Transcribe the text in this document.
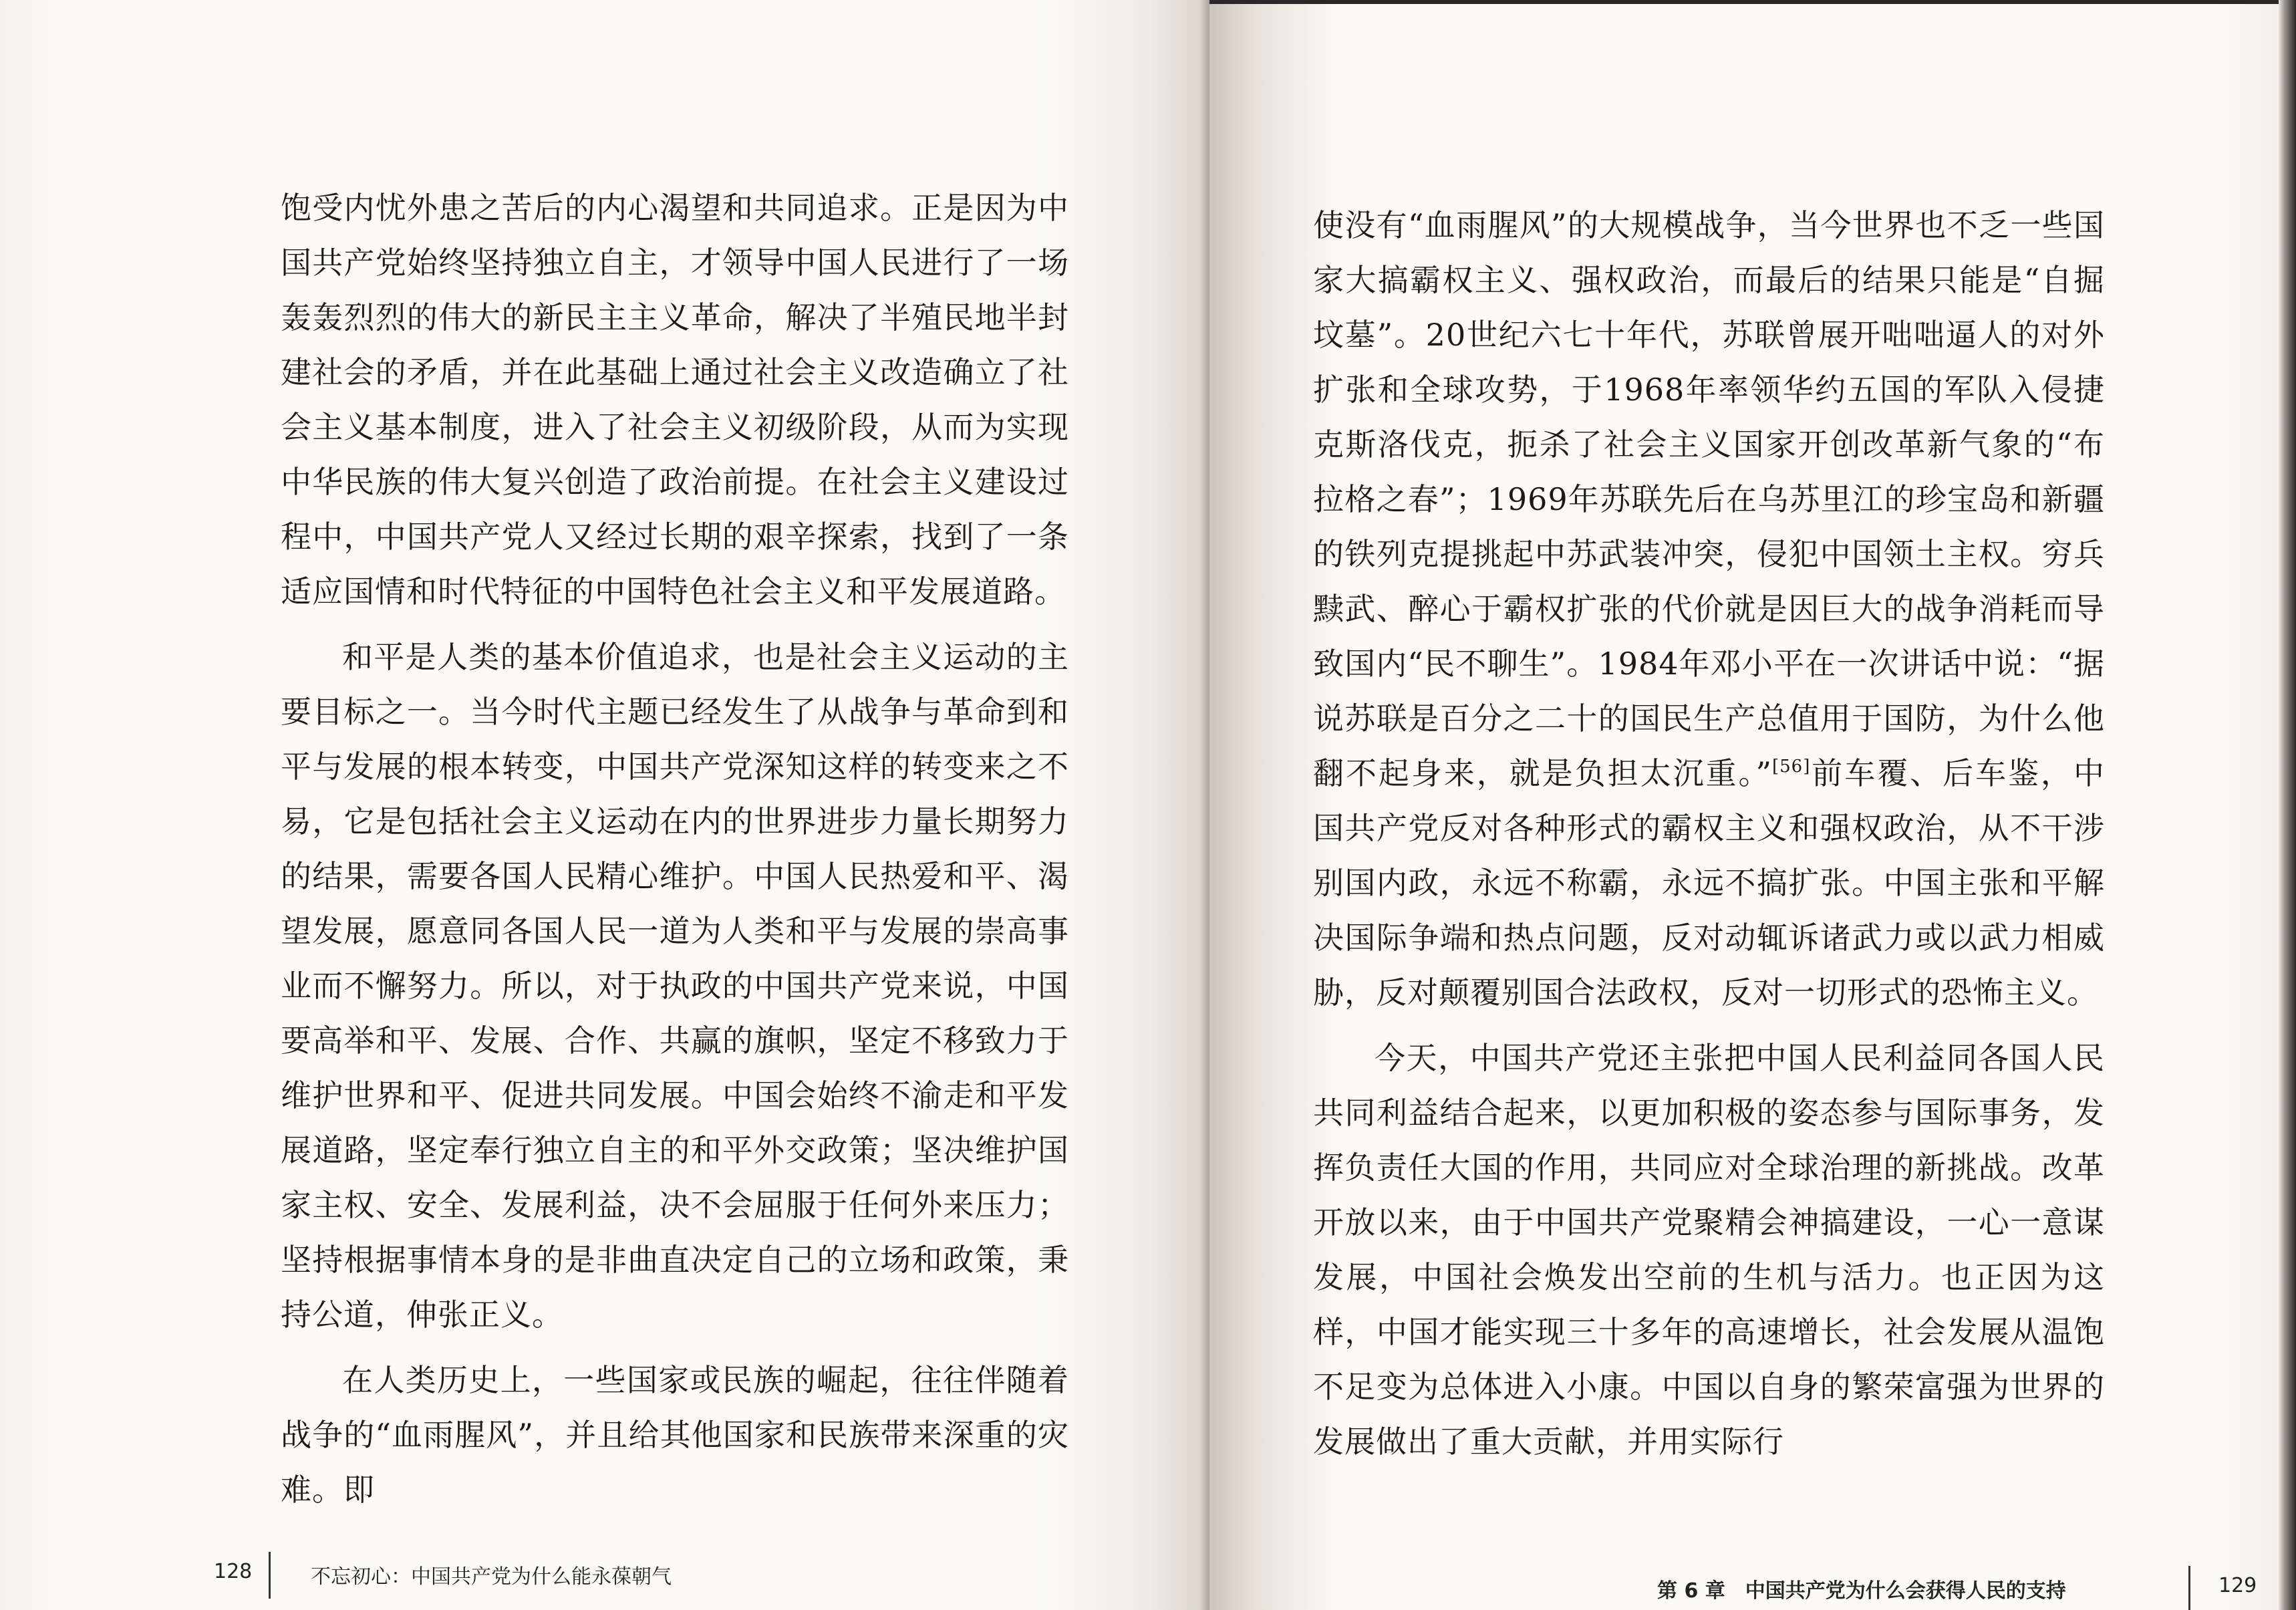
饱受内忧外患之苦后的内心渴望和共同追求。正是因为中国共产党始终坚持独立自主，才领导中国人民进行了一场轰轰烈烈的伟大的新民主主义革命，解决了半殖民地半封建社会的矛盾，并在此基础上通过社会主义改造确立了社会主义基本制度，进入了社会主义初级阶段，从而为实现中华民族的伟大复兴创造了政治前提。在社会主义建设过程中，中国共产党人又经过长期的艰辛探索，找到了一条适应国情和时代特征的中国特色社会主义和平发展道路。

和平是人类的基本价值追求，也是社会主义运动的主要目标之一。当今时代主题已经发生了从战争与革命到和平与发展的根本转变，中国共产党深知这样的转变来之不易，它是包括社会主义运动在内的世界进步力量长期努力的结果，需要各国人民精心维护。中国人民热爱和平、渴望发展，愿意同各国人民一道为人类和平与发展的崇高事业而不懈努力。所以，对于执政的中国共产党来说，中国要高举和平、发展、合作、共赢的旗帜，坚定不移致力于维护世界和平、促进共同发展。中国会始终不渝走和平发展道路，坚定奉行独立自主的和平外交政策；坚决维护国家主权、安全、发展利益，决不会屈服于任何外来压力；坚持根据事情本身的是非曲直决定自己的立场和政策，秉持公道，伸张正义。

在人类历史上，一些国家或民族的崛起，往往伴随着战争的“血雨腥风”，并且给其他国家和民族带来深重的灾难。即

128	不忘初心：中国共产党为什么能永葆朝气

使没有“血雨腥风”的大规模战争，当今世界也不乏一些国家大搞霸权主义、强权政治，而最后的结果只能是“自掘坟墓”。20世纪六七十年代，苏联曾展开咄咄逼人的对外扩张和全球攻势，于1968年率领华约五国的军队入侵捷克斯洛伐克，扼杀了社会主义国家开创改革新气象的“布拉格之春”；1969年苏联先后在乌苏里江的珍宝岛和新疆的铁列克提挑起中苏武装冲突，侵犯中国领土主权。穷兵黩武、醉心于霸权扩张的代价就是因巨大的战争消耗而导致国内“民不聊生”。1984年邓小平在一次讲话中说：“据说苏联是百分之二十的国民生产总值用于国防，为什么他翻不起身来，就是负担太沉重。”[56]前车覆、后车鉴，中国共产党反对各种形式的霸权主义和强权政治，从不干涉别国内政，永远不称霸，永远不搞扩张。中国主张和平解决国际争端和热点问题，反对动辄诉诸武力或以武力相威胁，反对颠覆别国合法政权，反对一切形式的恐怖主义。

今天，中国共产党还主张把中国人民利益同各国人民共同利益结合起来，以更加积极的姿态参与国际事务，发挥负责任大国的作用，共同应对全球治理的新挑战。改革开放以来，由于中国共产党聚精会神搞建设，一心一意谋发展，中国社会焕发出空前的生机与活力。也正因为这样，中国才能实现三十多年的高速增长，社会发展从温饱不足变为总体进入小康。中国以自身的繁荣富强为世界的发展做出了重大贡献，并用实际行

第 6 章　中国共产党为什么会获得人民的支持	129
